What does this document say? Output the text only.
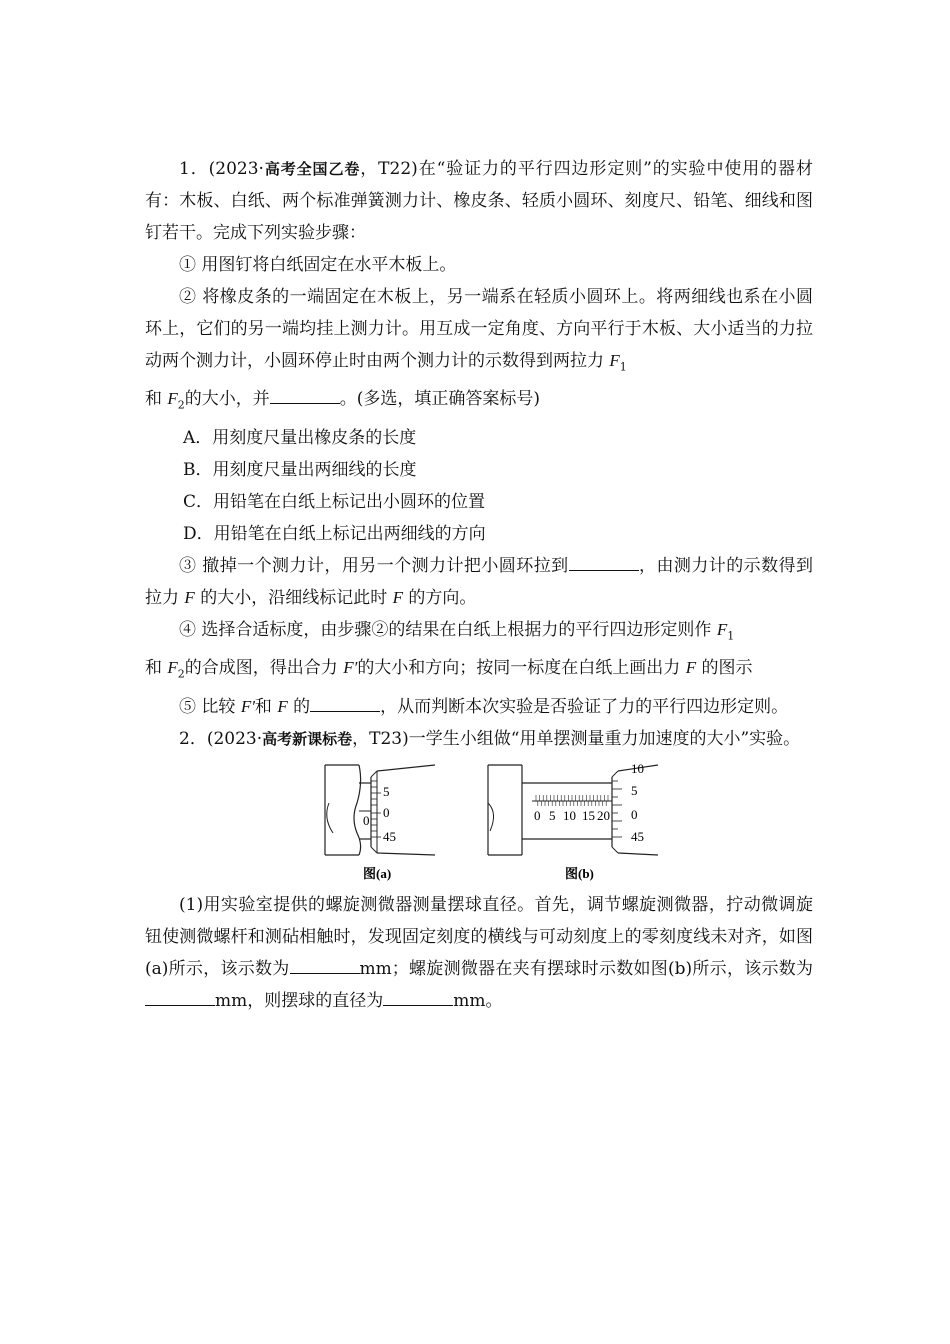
1．(2023·高考全国乙卷，T22)在“验证力的平行四边形定则”的实验中使用的器材有：木板、白纸、两个标准弹簧测力计、橡皮条、轻质小圆环、刻度尺、铅笔、细线和图钉若干。完成下列实验步骤：

① 用图钉将白纸固定在水平木板上。

② 将橡皮条的一端固定在木板上，另一端系在轻质小圆环上。将两细线也系在小圆环上，它们的另一端均挂上测力计。用互成一定角度、方向平行于木板、大小适当的力拉动两个测力计，小圆环停止时由两个测力计的示数得到两拉力 $F_1$
和 $F_2$的大小，并	。(多选，填正确答案标号)

A．用刻度尺量出橡皮条的长度

B．用刻度尺量出两细线的长度

C．用铅笔在白纸上标记出小圆环的位置

D．用铅笔在白纸上标记出两细线的方向

③ 撤掉一个测力计，用另一个测力计把小圆环拉到	，由测力计的示数得到拉力 F 的大小，沿细线标记此时 F 的方向。

④ 选择合适标度，由步骤②的结果在白纸上根据力的平行四边形定则作 $F_1$
和 $F_2$的合成图，得出合力 F′的大小和方向；按同一标度在白纸上画出力 F 的图示

⑤ 比较 F′和 F 的	，从而判断本次实验是否验证了力的平行四边形定则。

2．(2023·高考新课标卷，T23)一学生小组做“用单摆测量重力加速度的大小”实验。

5
0
0
45
图(a)
10
5
0
45
0 5 10 15 20
图(b)

(1)用实验室提供的螺旋测微器测量摆球直径。首先，调节螺旋测微器，拧动微调旋钮使测微螺杆和测砧相触时，发现固定刻度的横线与可动刻度上的零刻度线未对齐，如图(a)所示，该示数为	mm；螺旋测微器在夹有摆球时示数如图(b)所示，该示数为mm，则摆球的直径为	mm。
